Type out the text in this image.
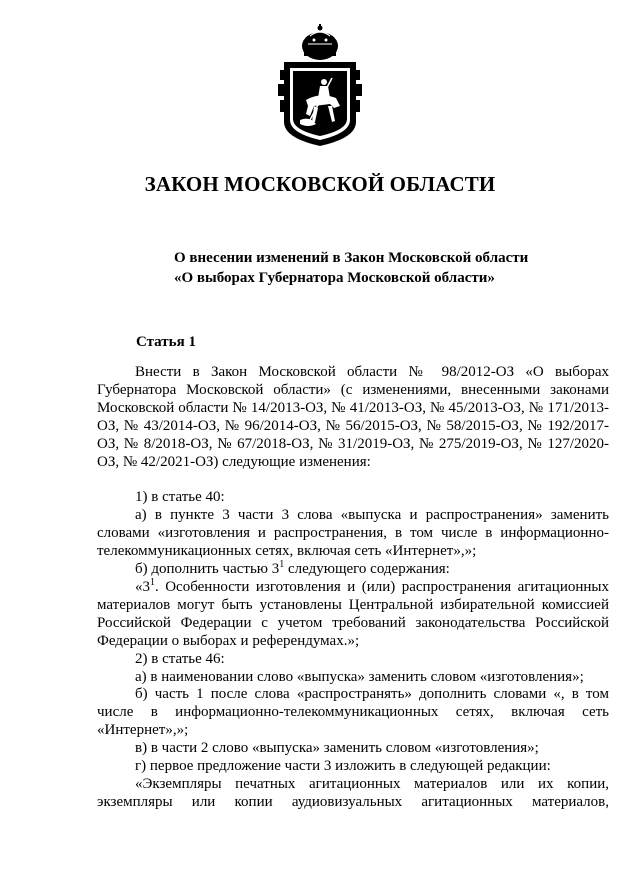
ЗАКОН МОСКОВСКОЙ ОБЛАСТИ
О внесении изменений в Закон Московской области
«О выборах Губернатора Московской области»
Статья 1
Внести в Закон Московской области № 98/2012-ОЗ «О выборах Губернатора Московской области» (с изменениями, внесенными законами Московской области № 14/2013-ОЗ, № 41/2013-ОЗ, № 45/2013-ОЗ, № 171/2013-ОЗ, № 43/2014-ОЗ, № 96/2014-ОЗ, № 56/2015-ОЗ, № 58/2015-ОЗ, № 192/2017-ОЗ, № 8/2018-ОЗ, № 67/2018-ОЗ, № 31/2019-ОЗ, № 275/2019-ОЗ, № 127/2020-ОЗ, № 42/2021-ОЗ) следующие изменения:
1) в статье 40:
а) в пункте 3 части 3 слова «выпуска и распространения» заменить словами «изготовления и распространения, в том числе в информационно-телекоммуникационных сетях, включая сеть «Интернет»,»;
б) дополнить частью $3^1$ следующего содержания:
«$3^1$. Особенности изготовления и (или) распространения агитационных материалов могут быть установлены Центральной избирательной комиссией Российской Федерации с учетом требований законодательства Российской Федерации о выборах и референдумах.»;
2) в статье 46:
а) в наименовании слово «выпуска» заменить словом «изготовления»;
б) часть 1 после слова «распространять» дополнить словами «, в том числе в информационно-телекоммуникационных сетях, включая сеть «Интернет»,»;
в) в части 2 слово «выпуска» заменить словом «изготовления»;
г) первое предложение части 3 изложить в следующей редакции:
«Экземпляры печатных агитационных материалов или их копии, экземпляры или копии аудиовизуальных агитационных материалов,
